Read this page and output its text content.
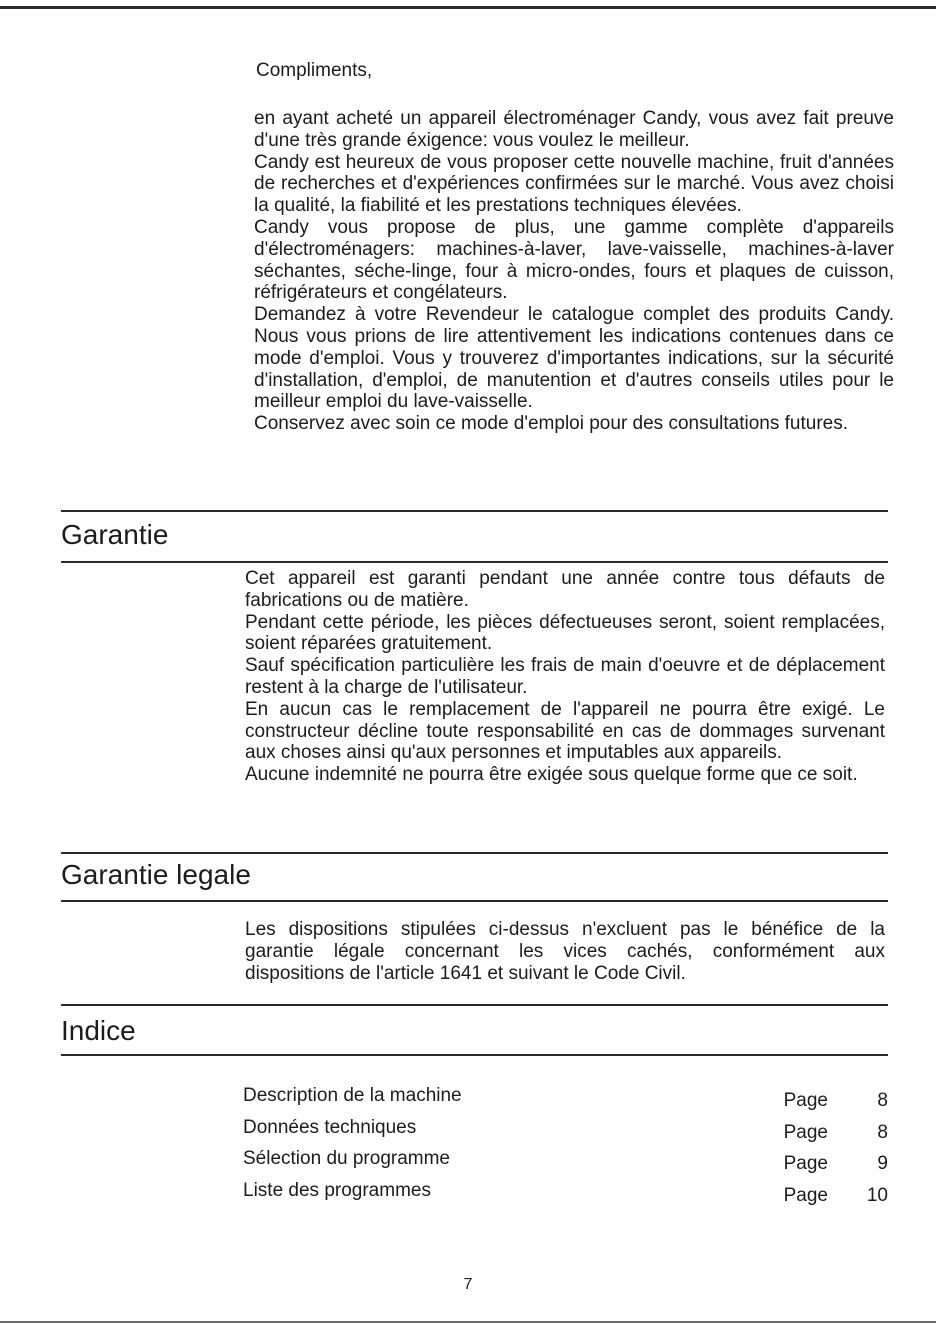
Compliments,

en ayant acheté un appareil électroménager Candy, vous avez fait preuve d'une très grande éxigence: vous voulez le meilleur.

Candy est heureux de vous proposer cette nouvelle machine, fruit d'années de recherches et d'expériences confirmées sur le marché. Vous avez choisi la qualité, la fiabilité et les prestations techniques élevées.

Candy vous propose de plus, une gamme complète d'appareils d'électroménagers: machines-à-laver, lave-vaisselle, machines-à-laver séchantes, séche-linge, four à micro-ondes, fours et plaques de cuisson, réfrigérateurs et congélateurs.

Demandez à votre Revendeur le catalogue complet des produits Candy. Nous vous prions de lire attentivement les indications contenues dans ce mode d'emploi. Vous y trouverez d'importantes indications, sur la sécurité d'installation, d'emploi, de manutention et d'autres conseils utiles pour le meilleur emploi du lave-vaisselle.

Conservez avec soin ce mode d'emploi pour des consultations futures.

Garantie

Cet appareil est garanti pendant une année contre tous défauts de fabrications ou de matière.

Pendant cette période, les pièces défectueuses seront, soient remplacées, soient réparées gratuitement.

Sauf spécification particulière les frais de main d'oeuvre et de déplacement restent à la charge de l'utilisateur.

En aucun cas le remplacement de l'appareil ne pourra être exigé. Le constructeur décline toute responsabilité en cas de dommages survenant aux choses ainsi qu'aux personnes et imputables aux appareils.

Aucune indemnité ne pourra être exigée sous quelque forme que ce soit.

Garantie legale

Les dispositions stipulées ci-dessus n'excluent pas le bénéfice de la garantie légale concernant les vices cachés, conformément aux dispositions de l'article 1641 et suivant le Code Civil.

Indice
Description de la machine	Page	8
Données techniques	Page	8
Sélection du programme	Page	9
Liste des programmes	Page	10
7
